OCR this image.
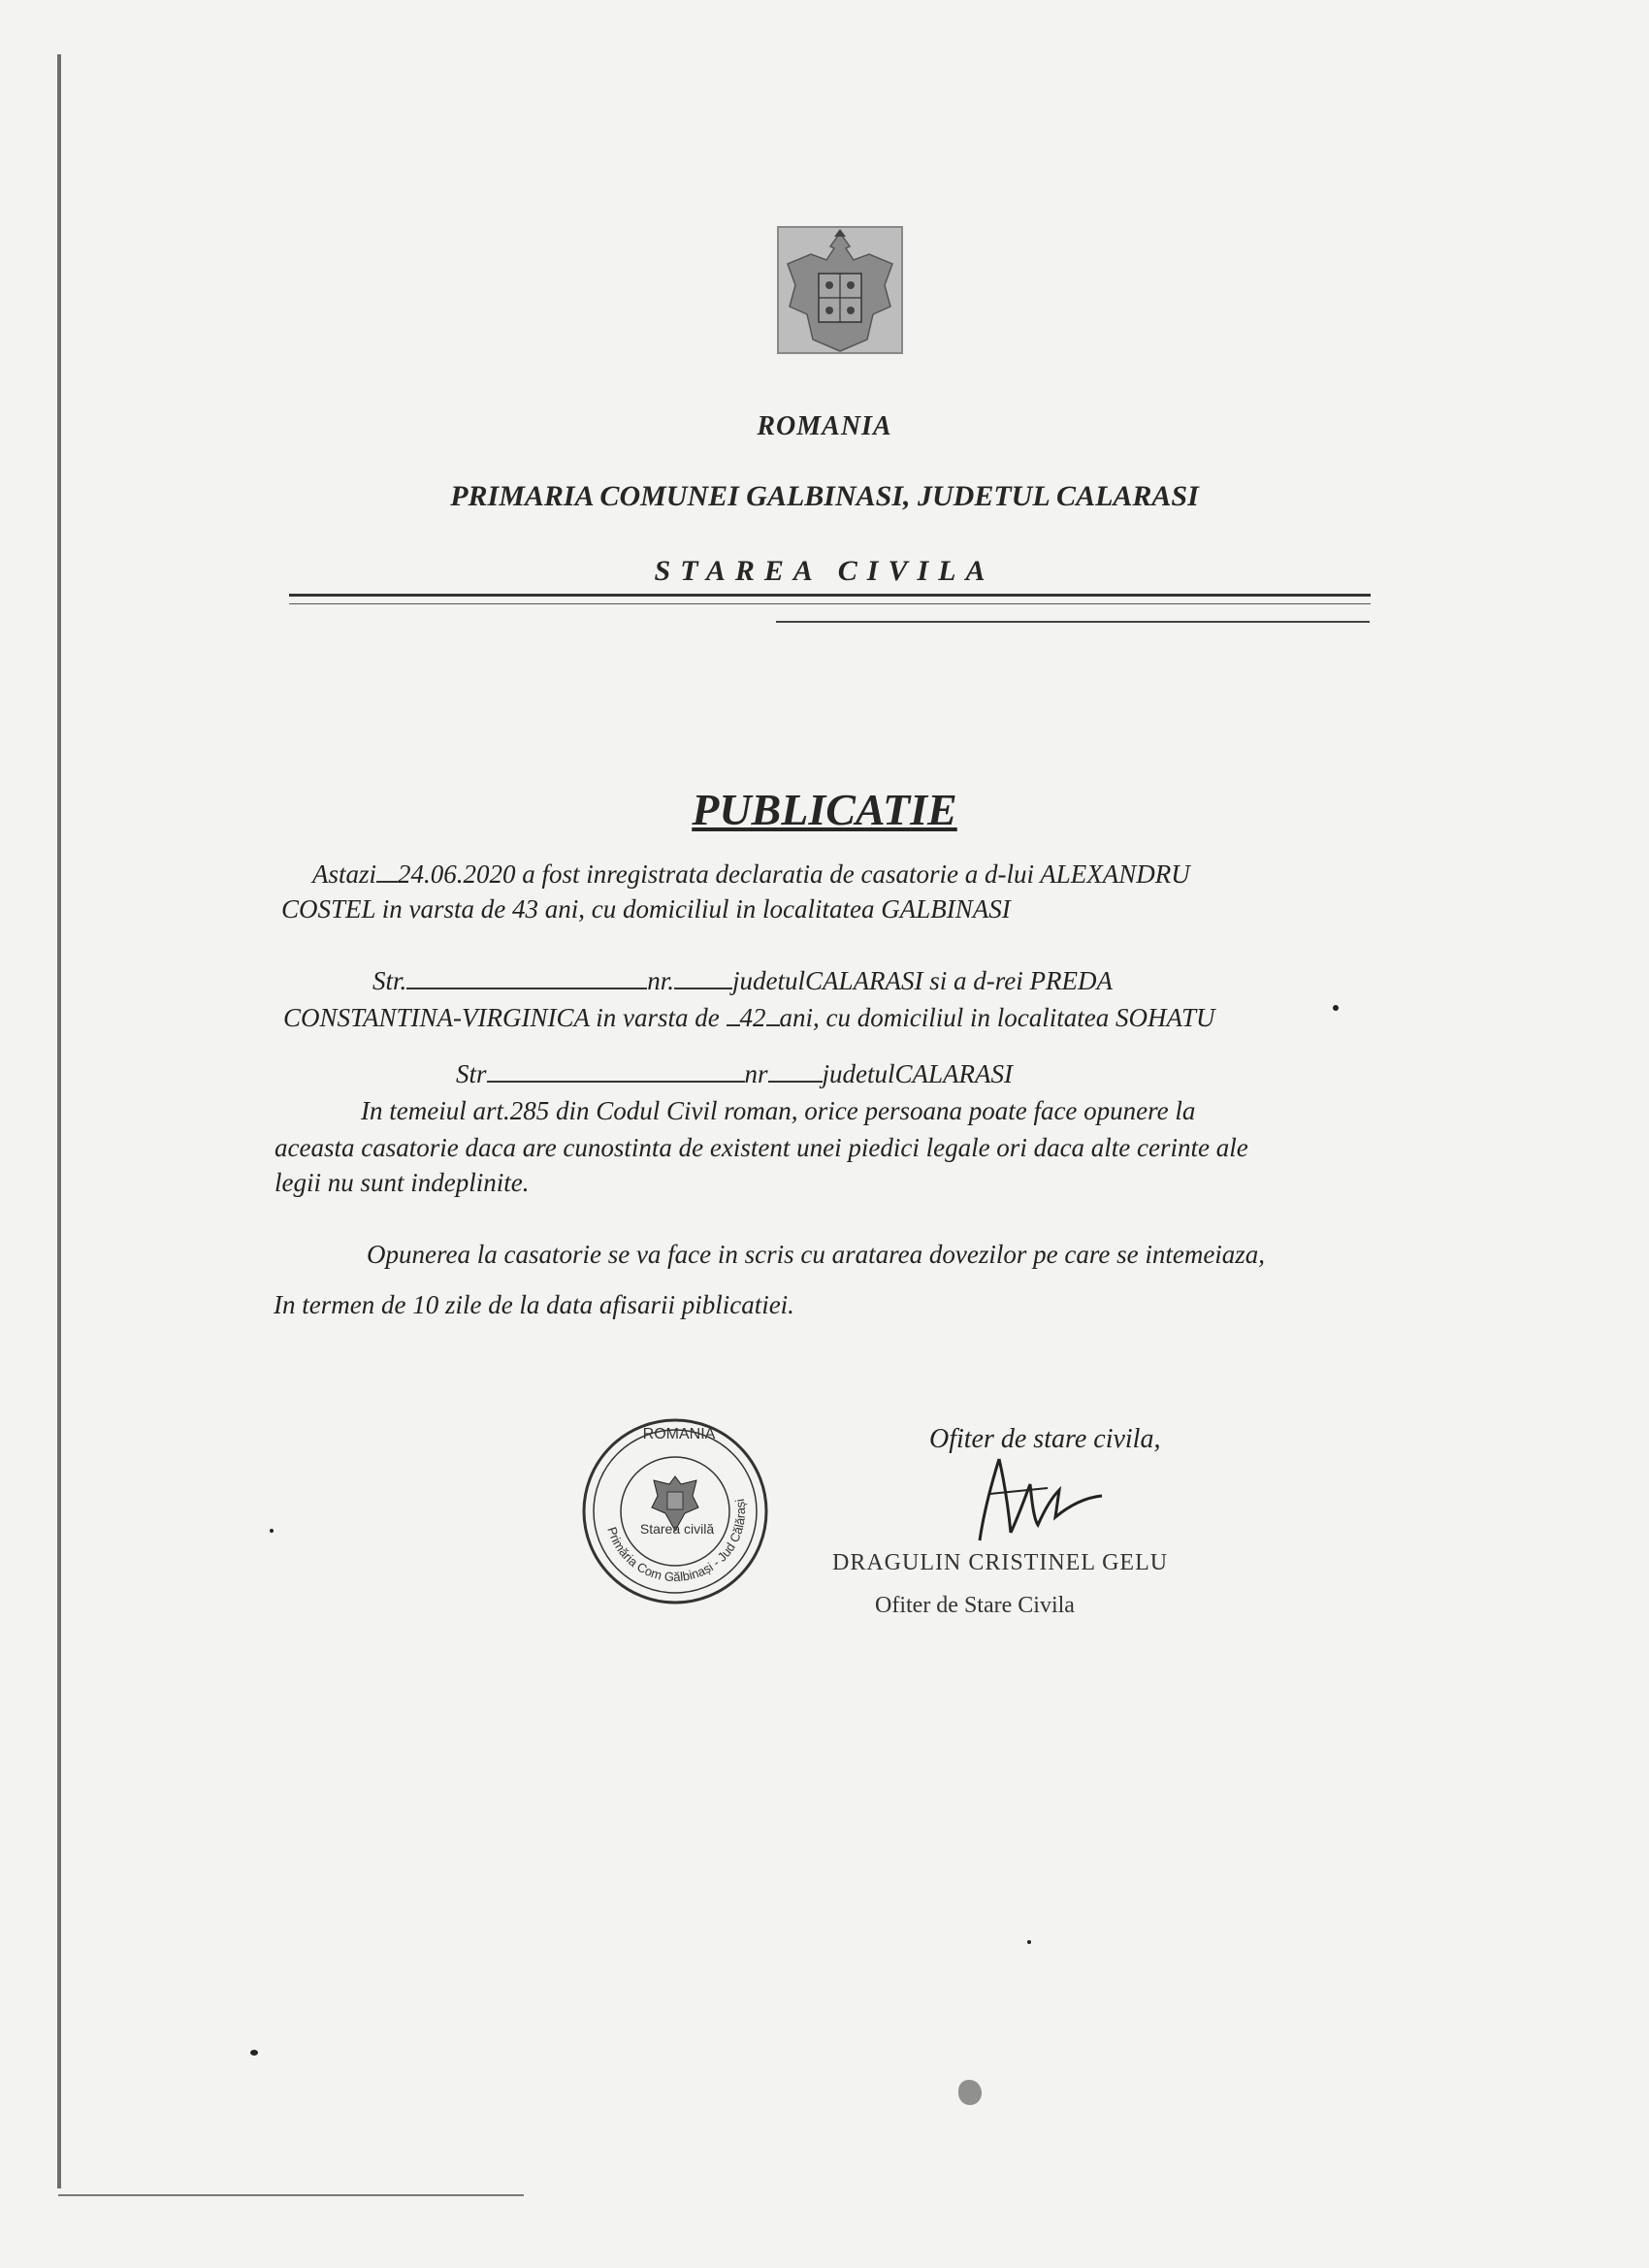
ROMANIA
PRIMARIA COMUNEI GALBINASI, JUDETUL CALARASI
STAREA CIVILA
PUBLICATIE
Astazi 24.06.2020 a fost inregistrata declaratia de casatorie a d-lui ALEXANDRU
COSTEL in varsta de 43 ani, cu domiciliul in localitatea GALBINASI
Str.	nr. judetulCALARASI si a d-rei PREDA
CONSTANTINA-VIRGINICA in varsta de 42 ani, cu domiciliul in localitatea SOHATU
Str	nr judetulCALARASI
In temeiul art.285 din Codul Civil roman, orice persoana poate face opunere la
aceasta casatorie daca are cunostinta de existent unei piedici legale ori daca alte cerinte ale
legii nu sunt indeplinite.
Opunerea la casatorie se va face in scris cu aratarea dovezilor pe care se intemeiaza,
In termen de 10 zile de la data afisarii piblicatiei.
Primăria Com Gălbinași - Jud Călărași
ROMANIA
Starea civilă
Ofiter de stare civila,
DRAGULIN CRISTINEL GELU
Ofiter de Stare Civila
